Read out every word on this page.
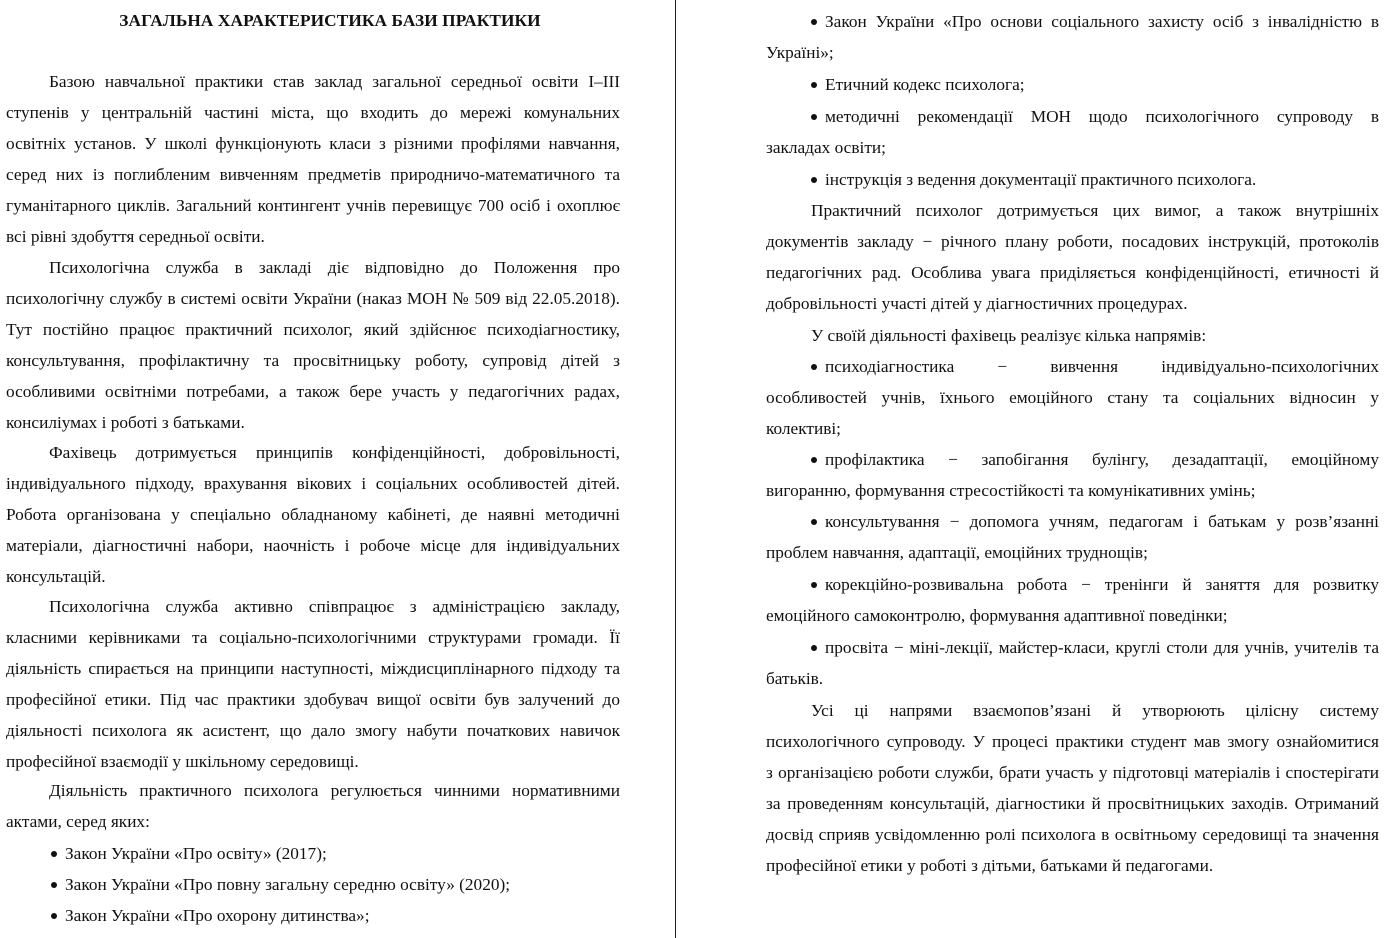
Базою навчальної практики став заклад загальної середньої освіти I–III
ступенів у центральній частині міста, що входить до мережі комунальних
освітніх установ. У школі функціонують класи з різними профілями навчання,
серед них із поглибленим вивченням предметів природничо-математичного та
гуманітарного циклів. Загальний контингент учнів перевищує 700 осіб і охоплює
всі рівні здобуття середньої освіти.
Психологічна служба в закладі діє відповідно до Положення про
психологічну службу в системі освіти України (наказ МОН № 509 від 22.05.2018).
Тут постійно працює практичний психолог, який здійснює психодіагностику,
консультування, профілактичну та просвітницьку роботу, супровід дітей з
особливими освітніми потребами, а також бере участь у педагогічних радах,
консиліумах і роботі з батьками.
Фахівець дотримується принципів конфіденційності, добровільності,
індивідуального підходу, врахування вікових і соціальних особливостей дітей.
Робота організована у спеціально обладнаному кабінеті, де наявні методичні
матеріали, діагностичні набори, наочність і робоче місце для індивідуальних
консультацій.
Психологічна служба активно співпрацює з адміністрацією закладу,
класними керівниками та соціально-психологічними структурами громади. Її
діяльність спирається на принципи наступності, міждисциплінарного підходу та
професійної етики. Під час практики здобувач вищої освіти був залучений до
діяльності психолога як асистент, що дало змогу набути початкових навичок
професійної взаємодії у шкільному середовищі.
Діяльність практичного психолога регулюється чинними нормативними
актами, серед яких:
Закон України «Про освіту» (2017);
Закон України «Про повну загальну середню освіту» (2020);
Закон України «Про охорону дитинства»;
Закон України «Про основи соціального захисту осіб з інвалідністю в
Україні»;
Етичний кодекс психолога;
методичні рекомендації МОН щодо психологічного супроводу в
закладах освіти;
інструкція з ведення документації практичного психолога.
Практичний психолог дотримується цих вимог, а також внутрішніх
документів закладу − річного плану роботи, посадових інструкцій, протоколів
педагогічних рад. Особлива увага приділяється конфіденційності, етичності й
добровільності участі дітей у діагностичних процедурах.
У своїй діяльності фахівець реалізує кілька напрямів:
психодіагностика − вивчення індивідуально-психологічних
особливостей учнів, їхнього емоційного стану та соціальних відносин у
колективі;
профілактика − запобігання булінгу, дезадаптації, емоційному
вигоранню, формування стресостійкості та комунікативних умінь;
консультування − допомога учням, педагогам і батькам у розв’язанні
проблем навчання, адаптації, емоційних труднощів;
корекційно-розвивальна робота − тренінги й заняття для розвитку
емоційного самоконтролю, формування адаптивної поведінки;
просвіта − міні-лекції, майстер-класи, круглі столи для учнів, учителів та
батьків.
Усі ці напрями взаємопов’язані й утворюють цілісну систему
психологічного супроводу. У процесі практики студент мав змогу ознайомитися
з організацією роботи служби, брати участь у підготовці матеріалів і спостерігати
за проведенням консультацій, діагностики й просвітницьких заходів. Отриманий
досвід сприяв усвідомленню ролі психолога в освітньому середовищі та значення
професійної етики у роботі з дітьми, батьками й педагогами.
ЗАГАЛЬНА ХАРАКТЕРИСТИКА БАЗИ ПРАКТИКИ
